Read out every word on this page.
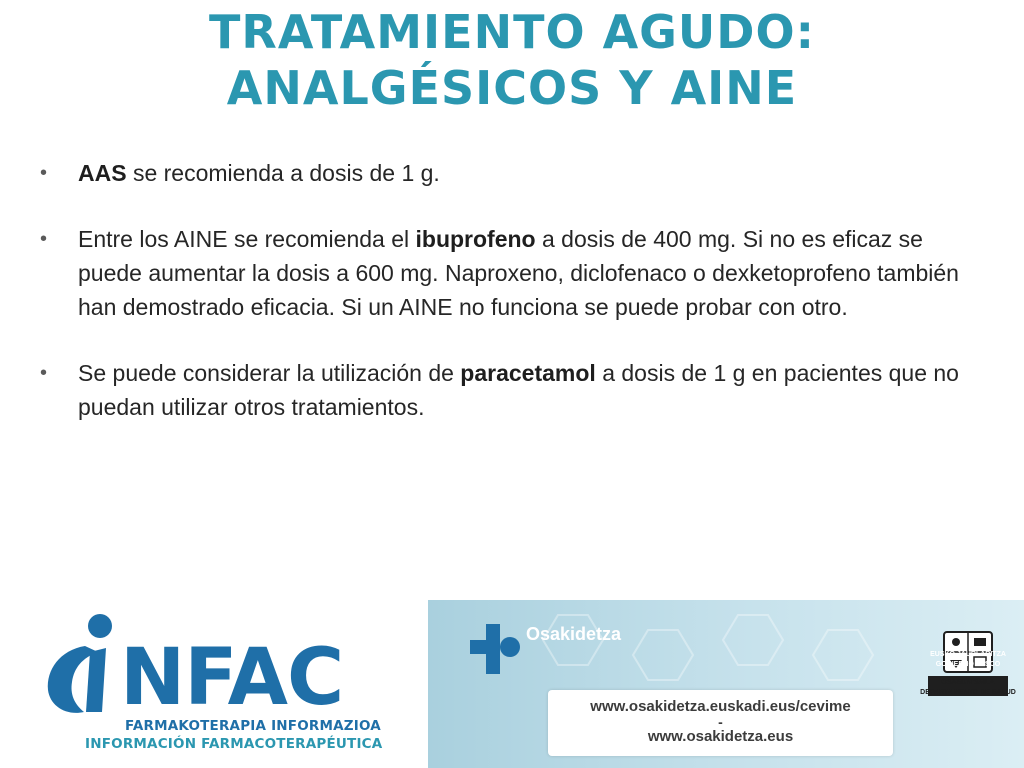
TRATAMIENTO AGUDO:
ANALGÉSICOS Y AINE
• AAS se recomienda a dosis de 1 g.
• Entre los AINE se recomienda el ibuprofeno a dosis de 400 mg. Si no es eficaz se puede aumentar la dosis a 600 mg. Naproxeno, diclofenaco o dexketoprofeno también han demostrado eficacia. Si un AINE no funciona se puede probar con otro.
• Se puede considerar la utilización de paracetamol a dosis de 1 g en pacientes que no puedan utilizar otros tratamientos.
NFAC
FARMAKOTERAPIA INFORMAZIOA
INFORMACIÓN FARMACOTERAPÉUTICA
Osakidetza
www.osakidetza.euskadi.eus/cevime
-
www.osakidetza.eus
EUSKO JAURLARITZA
GOBIERNO VASCO
OSASUN SAILA
DEPARTAMENTO DE SALUD
